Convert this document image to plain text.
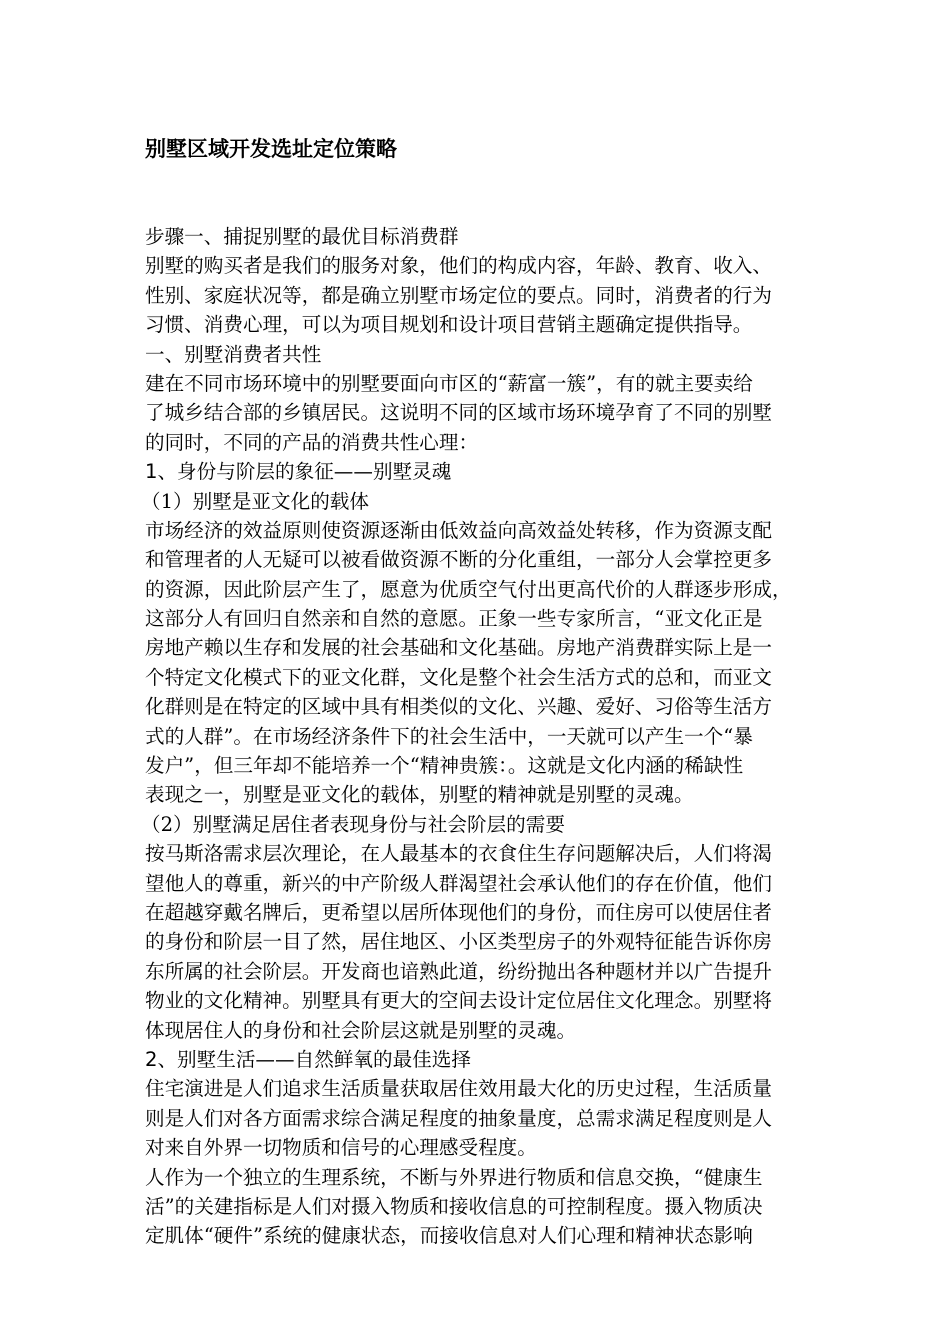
别墅区域开发选址定位策略
步骤一、捕捉别墅的最优目标消费群
别墅的购买者是我们的服务对象，他们的构成内容，年龄、教育、收入、
性别、家庭状况等，都是确立别墅市场定位的要点。同时，消费者的行为
习惯、消费心理，可以为项目规划和设计项目营销主题确定提供指导。
一、别墅消费者共性
建在不同市场环境中的别墅要面向市区的“薪富一簇”，有的就主要卖给
了城乡结合部的乡镇居民。这说明不同的区域市场环境孕育了不同的别墅
的同时，不同的产品的消费共性心理：
1、身份与阶层的象征——别墅灵魂
（1）别墅是亚文化的载体
市场经济的效益原则使资源逐渐由低效益向高效益处转移，作为资源支配
和管理者的人无疑可以被看做资源不断的分化重组，一部分人会掌控更多
的资源，因此阶层产生了，愿意为优质空气付出更高代价的人群逐步形成，
这部分人有回归自然亲和自然的意愿。正象一些专家所言，“亚文化正是
房地产赖以生存和发展的社会基础和文化基础。房地产消费群实际上是一
个特定文化模式下的亚文化群，文化是整个社会生活方式的总和，而亚文
化群则是在特定的区域中具有相类似的文化、兴趣、爱好、习俗等生活方
式的人群”。在市场经济条件下的社会生活中，一天就可以产生一个“暴
发户”，但三年却不能培养一个“精神贵簇：。这就是文化内涵的稀缺性
表现之一，别墅是亚文化的载体，别墅的精神就是别墅的灵魂。
（2）别墅满足居住者表现身份与社会阶层的需要
按马斯洛需求层次理论，在人最基本的衣食住生存问题解决后，人们将渴
望他人的尊重，新兴的中产阶级人群渴望社会承认他们的存在价值，他们
在超越穿戴名牌后，更希望以居所体现他们的身份，而住房可以使居住者
的身份和阶层一目了然，居住地区、小区类型房子的外观特征能告诉你房
东所属的社会阶层。开发商也谙熟此道，纷纷抛出各种题材并以广告提升
物业的文化精神。别墅具有更大的空间去设计定位居住文化理念。别墅将
体现居住人的身份和社会阶层这就是别墅的灵魂。
2、别墅生活——自然鲜氧的最佳选择
住宅演进是人们追求生活质量获取居住效用最大化的历史过程，生活质量
则是人们对各方面需求综合满足程度的抽象量度，总需求满足程度则是人
对来自外界一切物质和信号的心理感受程度。
人作为一个独立的生理系统，不断与外界进行物质和信息交换，“健康生
活”的关建指标是人们对摄入物质和接收信息的可控制程度。摄入物质决
定肌体“硬件”系统的健康状态，而接收信息对人们心理和精神状态影响
